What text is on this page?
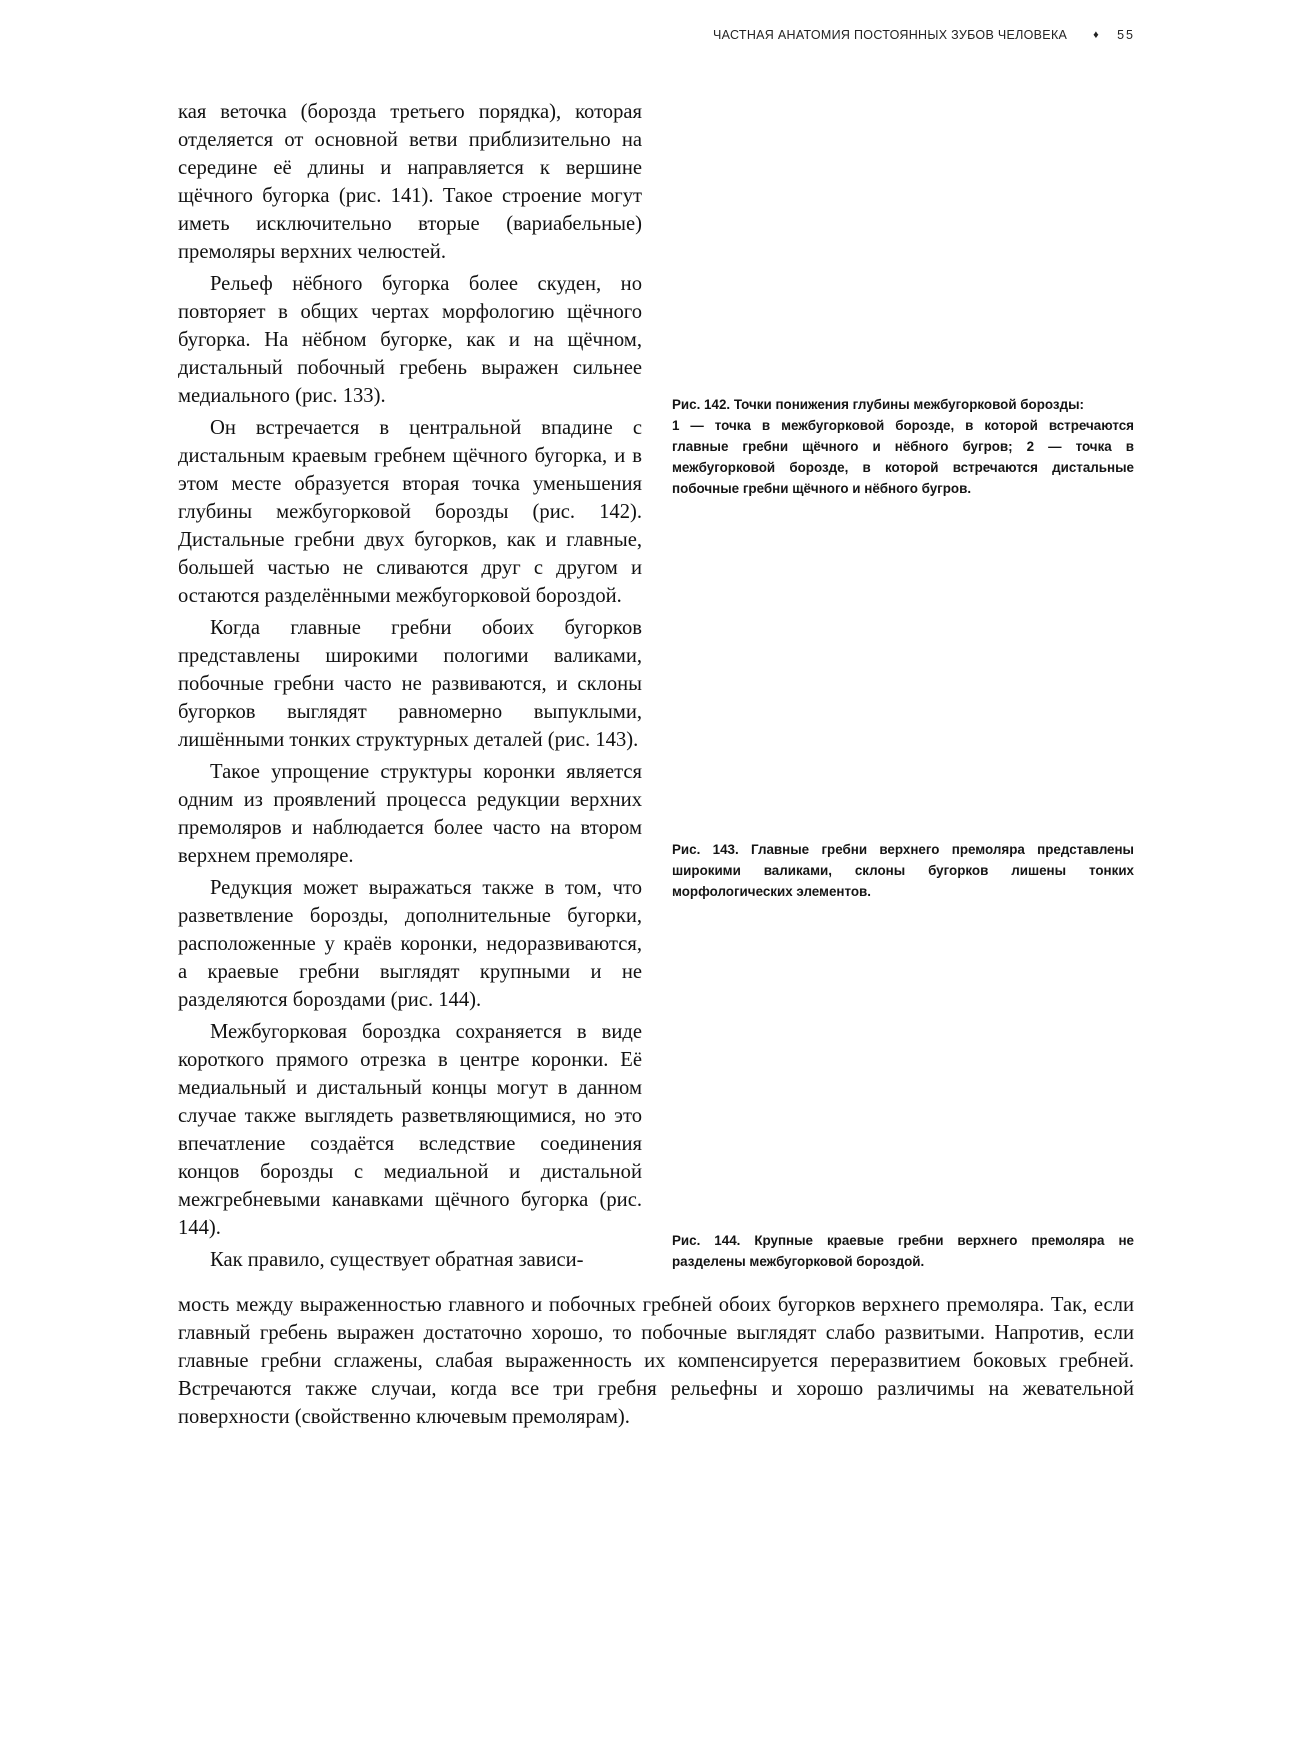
ЧАСТНАЯ АНАТОМИЯ ПОСТОЯННЫХ ЗУБОВ ЧЕЛОВЕКА ♦ 55

кая веточка (борозда третьего порядка), которая отделяется от основной ветви приблизительно на середине её длины и направляется к вершине щёчного бугорка (рис. 141). Такое строение могут иметь исключительно вторые (вариабельные) премоляры верхних челюстей.

Рельеф нёбного бугорка более скуден, но повторяет в общих чертах морфологию щёчного бугорка. На нёбном бугорке, как и на щёчном, дистальный побочный гребень выражен сильнее медиального (рис. 133).

Он встречается в центральной впадине с дистальным краевым гребнем щёчного бугорка, и в этом месте образуется вторая точка уменьшения глубины межбугорковой борозды (рис. 142). Дистальные гребни двух бугорков, как и главные, большей частью не сливаются друг с другом и остаются разделёнными межбугорковой бороздой.

Когда главные гребни обоих бугорков представлены широкими пологими валиками, побочные гребни часто не развиваются, и склоны бугорков выглядят равномерно выпуклыми, лишёнными тонких структурных деталей (рис. 143).

Такое упрощение структуры коронки является одним из проявлений процесса редукции верхних премоляров и наблюдается более часто на втором верхнем премоляре.

Редукция может выражаться также в том, что разветвление борозды, дополнительные бугорки, расположенные у краёв коронки, недоразвиваются, а краевые гребни выглядят крупными и не разделяются бороздами (рис. 144).

Межбугорковая бороздка сохраняется в виде короткого прямого отрезка в центре коронки. Её медиальный и дистальный концы могут в данном случае также выглядеть разветвляющимися, но это впечатление создаётся вследствие соединения концов борозды с медиальной и дистальной межгребневыми канавками щёчного бугорка (рис. 144).

Как правило, существует обратная зависи-

мость между выраженностью главного и побочных гребней обоих бугорков верхнего премоляра. Так, если главный гребень выражен достаточно хорошо, то побочные выглядят слабо развитыми. Напротив, если главные гребни сглажены, слабая выраженность их компенсируется переразвитием боковых гребней. Встречаются также случаи, когда все три гребня рельефны и хорошо различимы на жевательной поверхности (свойственно ключевым премолярам).
Рис. 142. Точки понижения глубины межбугорковой борозды:
1 — точка в межбугорковой борозде, в которой встречаются главные гребни щёчного и нёбного бугров; 2 — точка в межбугорковой борозде, в которой встречаются дистальные побочные гребни щёчного и нёбного бугров.
Рис. 143. Главные гребни верхнего премоляра представлены широкими валиками, склоны бугорков лишены тонких морфологических элементов.
Рис. 144. Крупные краевые гребни верхнего премоляра не разделены межбугорковой бороздой.
